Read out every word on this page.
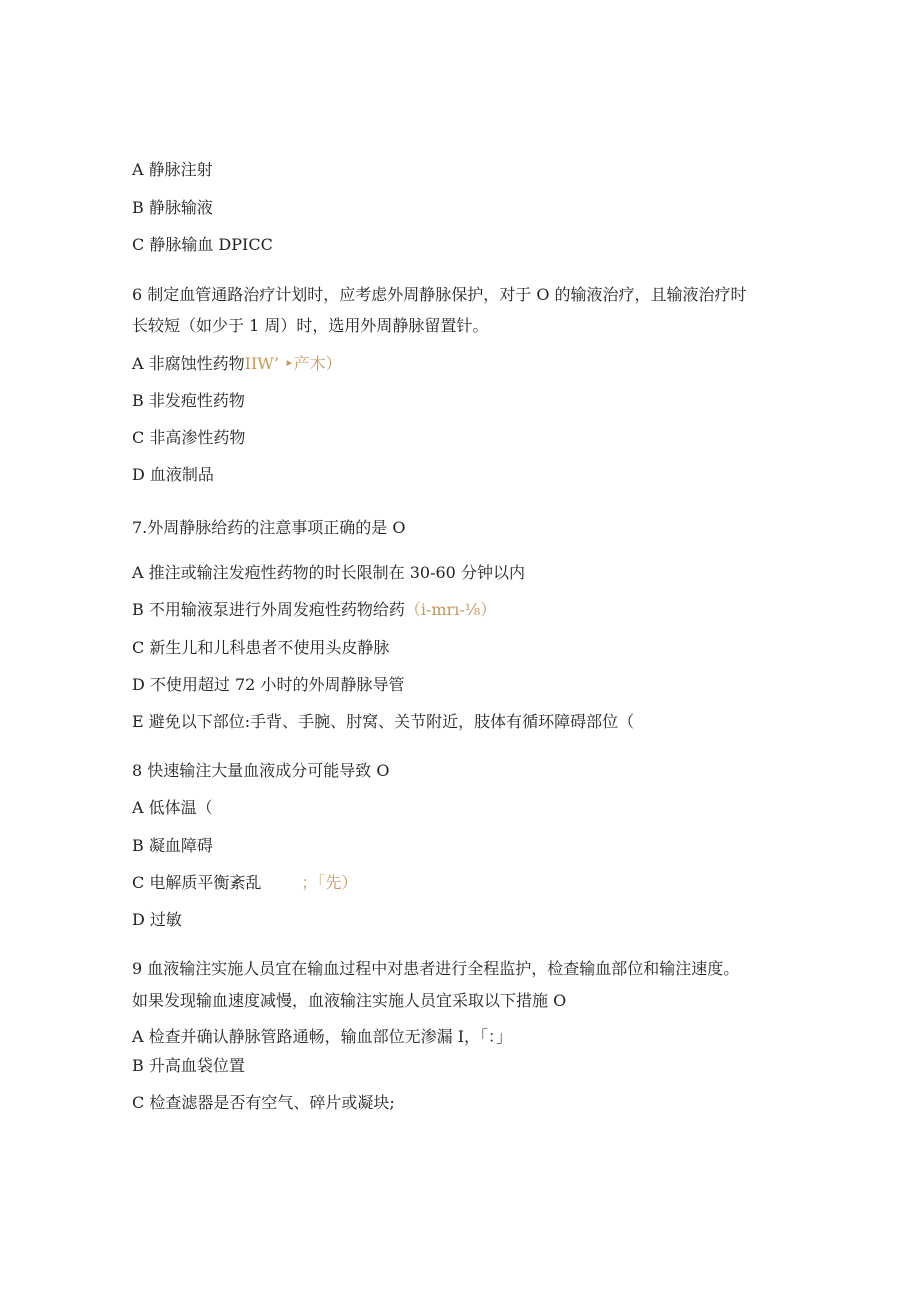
A 静脉注射
B 静脉输液
C 静脉输血 DPICC
6 制定血管通路治疗计划时，应考虑外周静脉保护，对于 O 的输液治疗，且输液治疗时
长较短（如少于 1 周）时，选用外周静脉留置针。
A 非腐蚀性药物IIW’ ‣产木）
B 非发疱性药物
C 非高渗性药物
D 血液制品
7.外周静脉给药的注意事项正确的是 O
A 推注或输注发疱性药物的时长限制在 30-60 分钟以内
B 不用输液泵进行外周发疱性药物给药（i-mrı-⅛）
C 新生儿和儿科患者不使用头皮静脉
D 不使用超过 72 小时的外周静脉导管
E 避免以下部位:手背、手腕、肘窝、关节附近，肢体有循环障碍部位（
8 快速输注大量血液成分可能导致 O
A 低体温（
B 凝血障碍
C 电解质平衡紊乱	；「先）
D 过敏
9 血液输注实施人员宜在输血过程中对患者进行全程监护，检查输血部位和输注速度。
如果发现输血速度减慢，血液输注实施人员宜采取以下措施 O
A 检查并确认静脉管路通畅，输血部位无渗漏 I，「：」
B 升高血袋位置
C 检查滤器是否有空气、碎片或凝块;
